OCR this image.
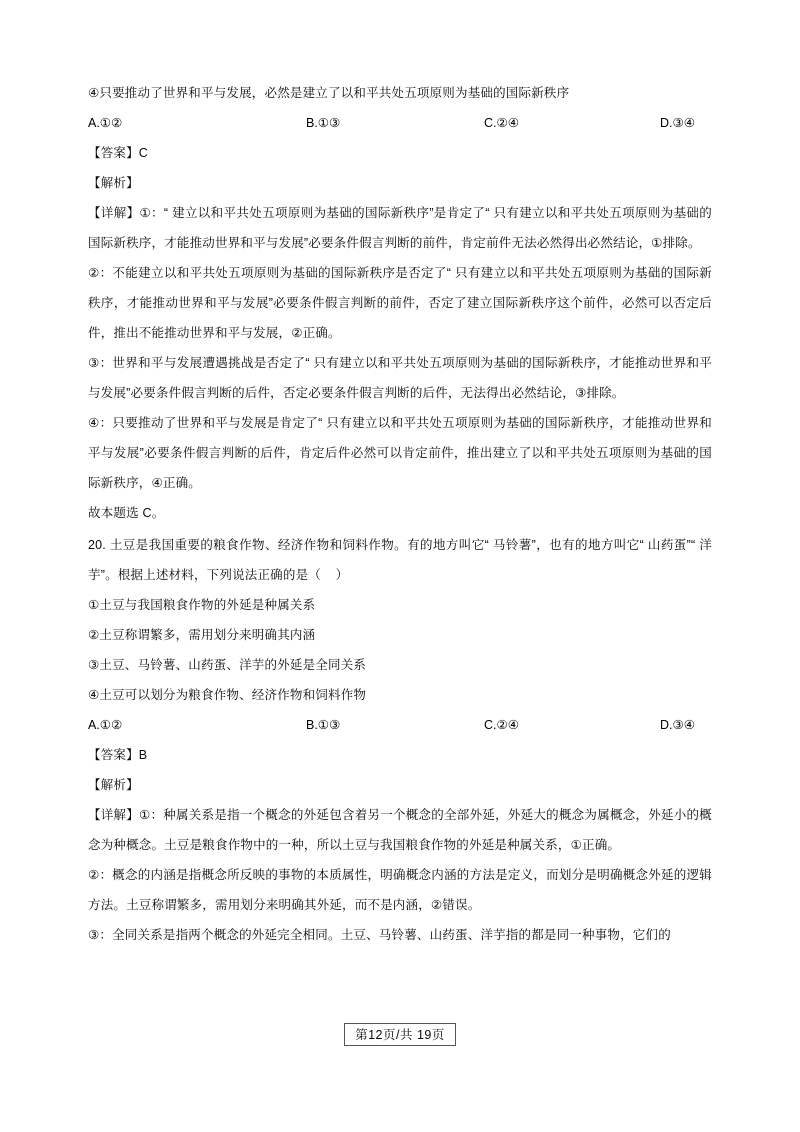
④只要推动了世界和平与发展，必然是建立了以和平共处五项原则为基础的国际新秩序

A.①②	B.①③	C.②④	D.③④

【答案】C

【解析】

【详解】①：“ 建立以和平共处五项原则为基础的国际新秩序”是肯定了“ 只有建立以和平共处五项原则为基础的国际新秩序，才能推动世界和平与发展”必要条件假言判断的前件，肯定前件无法必然得出必然结论，①排除。

②：不能建立以和平共处五项原则为基础的国际新秩序是否定了“ 只有建立以和平共处五项原则为基础的国际新秩序，才能推动世界和平与发展”必要条件假言判断的前件，否定了建立国际新秩序这个前件，必然可以否定后件，推出不能推动世界和平与发展，②正确。

③：世界和平与发展遭遇挑战是否定了“ 只有建立以和平共处五项原则为基础的国际新秩序，才能推动世界和平与发展”必要条件假言判断的后件，否定必要条件假言判断的后件，无法得出必然结论，③排除。

④：只要推动了世界和平与发展是肯定了“ 只有建立以和平共处五项原则为基础的国际新秩序，才能推动世界和平与发展”必要条件假言判断的后件，肯定后件必然可以肯定前件，推出建立了以和平共处五项原则为基础的国际新秩序，④正确。

故本题选 C。

20. 土豆是我国重要的粮食作物、经济作物和饲料作物。有的地方叫它“ 马铃薯”，也有的地方叫它“ 山药蛋”“ 洋芋”。根据上述材料，下列说法正确的是（    ）

①土豆与我国粮食作物的外延是种属关系

②土豆称谓繁多，需用划分来明确其内涵

③土豆、马铃薯、山药蛋、洋芋的外延是全同关系

④土豆可以划分为粮食作物、经济作物和饲料作物

A.①②	B.①③	C.②④	D.③④

【答案】B

【解析】

【详解】①：种属关系是指一个概念的外延包含着另一个概念的全部外延，外延大的概念为属概念，外延小的概念为种概念。土豆是粮食作物中的一种，所以土豆与我国粮食作物的外延是种属关系，①正确。

②：概念的内涵是指概念所反映的事物的本质属性，明确概念内涵的方法是定义，而划分是明确概念外延的逻辑方法。土豆称谓繁多，需用划分来明确其外延，而不是内涵，②错误。

③：全同关系是指两个概念的外延完全相同。土豆、马铃薯、山药蛋、洋芋指的都是同一种事物，它们的

第12页/共 19页
